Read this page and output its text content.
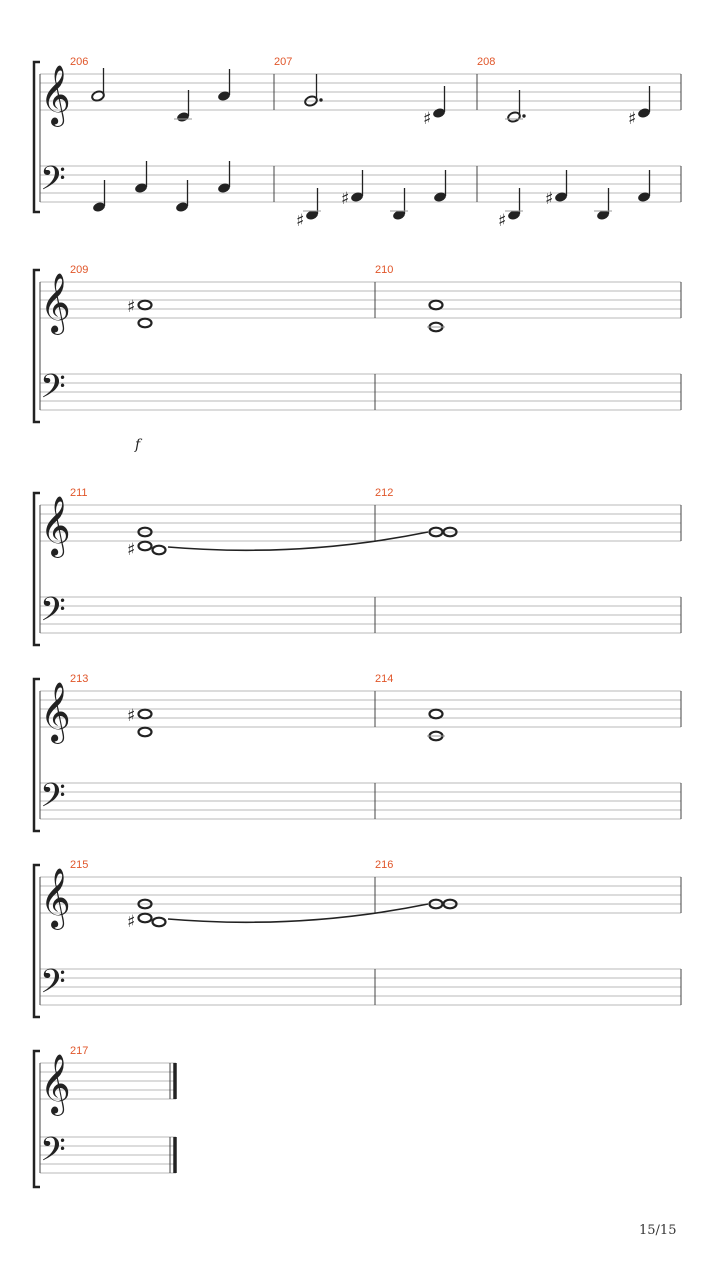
𝄞
𝄢
206	207	208
♯	♯
♯
♯
♯
♯
𝄞
𝄢
209	210
♯
f
𝄞
𝄢
211	212
♯
𝄞
𝄢
213	214
♯
𝄞
𝄢
215	216
♯
𝄞
𝄢
217
15/15
